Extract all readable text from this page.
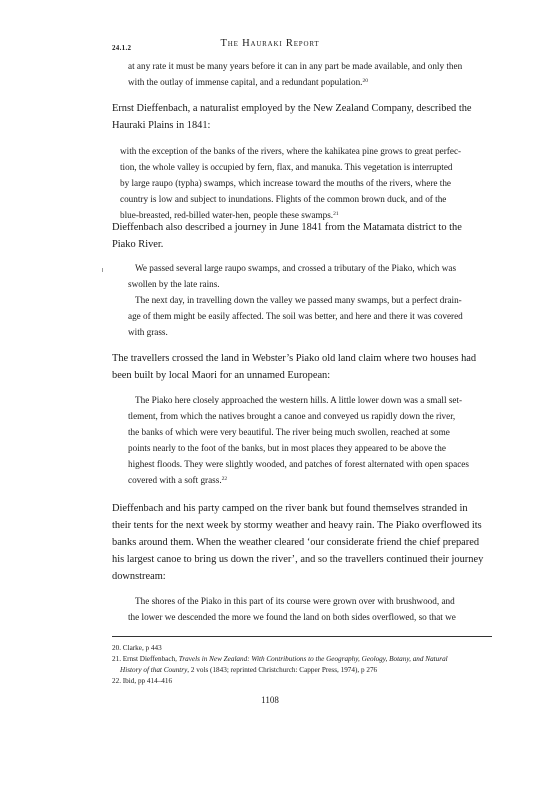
24.1.2	The Hauraki Report

at any rate it must be many years before it can in any part be made available, and only then

with the outlay of immense capital, and a redundant population.$^{20}$

Ernst Dieffenbach, a naturalist employed by the New Zealand Company, described the

Hauraki Plains in 1841:

with the exception of the banks of the rivers, where the kahikatea pine grows to great perfec-

tion, the whole valley is occupied by fern, flax, and manuka. This vegetation is interrupted

by large raupo (typha) swamps, which increase toward the mouths of the rivers, where the

country is low and subject to inundations. Flights of the common brown duck, and of the

blue-breasted, red-billed water-hen, people these swamps.$^{21}$

Dieffenbach also described a journey in June 1841 from the Matamata district to the

Piako River.

We passed several large raupo swamps, and crossed a tributary of the Piako, which was

swollen by the late rains.

The next day, in travelling down the valley we passed many swamps, but a perfect drain-

age of them might be easily affected. The soil was better, and here and there it was covered

with grass.

The travellers crossed the land in Webster’s Piako old land claim where two houses had

been built by local Maori for an unnamed European:

The Piako here closely approached the western hills. A little lower down was a small set-

tlement, from which the natives brought a canoe and conveyed us rapidly down the river,

the banks of which were very beautiful. The river being much swollen, reached at some

points nearly to the foot of the banks, but in most places they appeared to be above the

highest floods. They were slightly wooded, and patches of forest alternated with open spaces

covered with a soft grass.$^{22}$

Dieffenbach and his party camped on the river bank but found themselves stranded in

their tents for the next week by stormy weather and heavy rain. The Piako overflowed its

banks around them. When the weather cleared ‘our considerate friend the chief prepared

his largest canoe to bring us down the river’, and so the travellers continued their journey

downstream:

The shores of the Piako in this part of its course were grown over with brushwood, and

the lower we descended the more we found the land on both sides overflowed, so that we

20. Clarke, p 443
21. Ernst Dieffenbach, Travels in New Zealand: With Contributions to the Geography, Geology, Botany, and Natural
History of that Country, 2 vols (1843; reprinted Christchurch: Capper Press, 1974), p 276
22. Ibid, pp 414–416
1108
